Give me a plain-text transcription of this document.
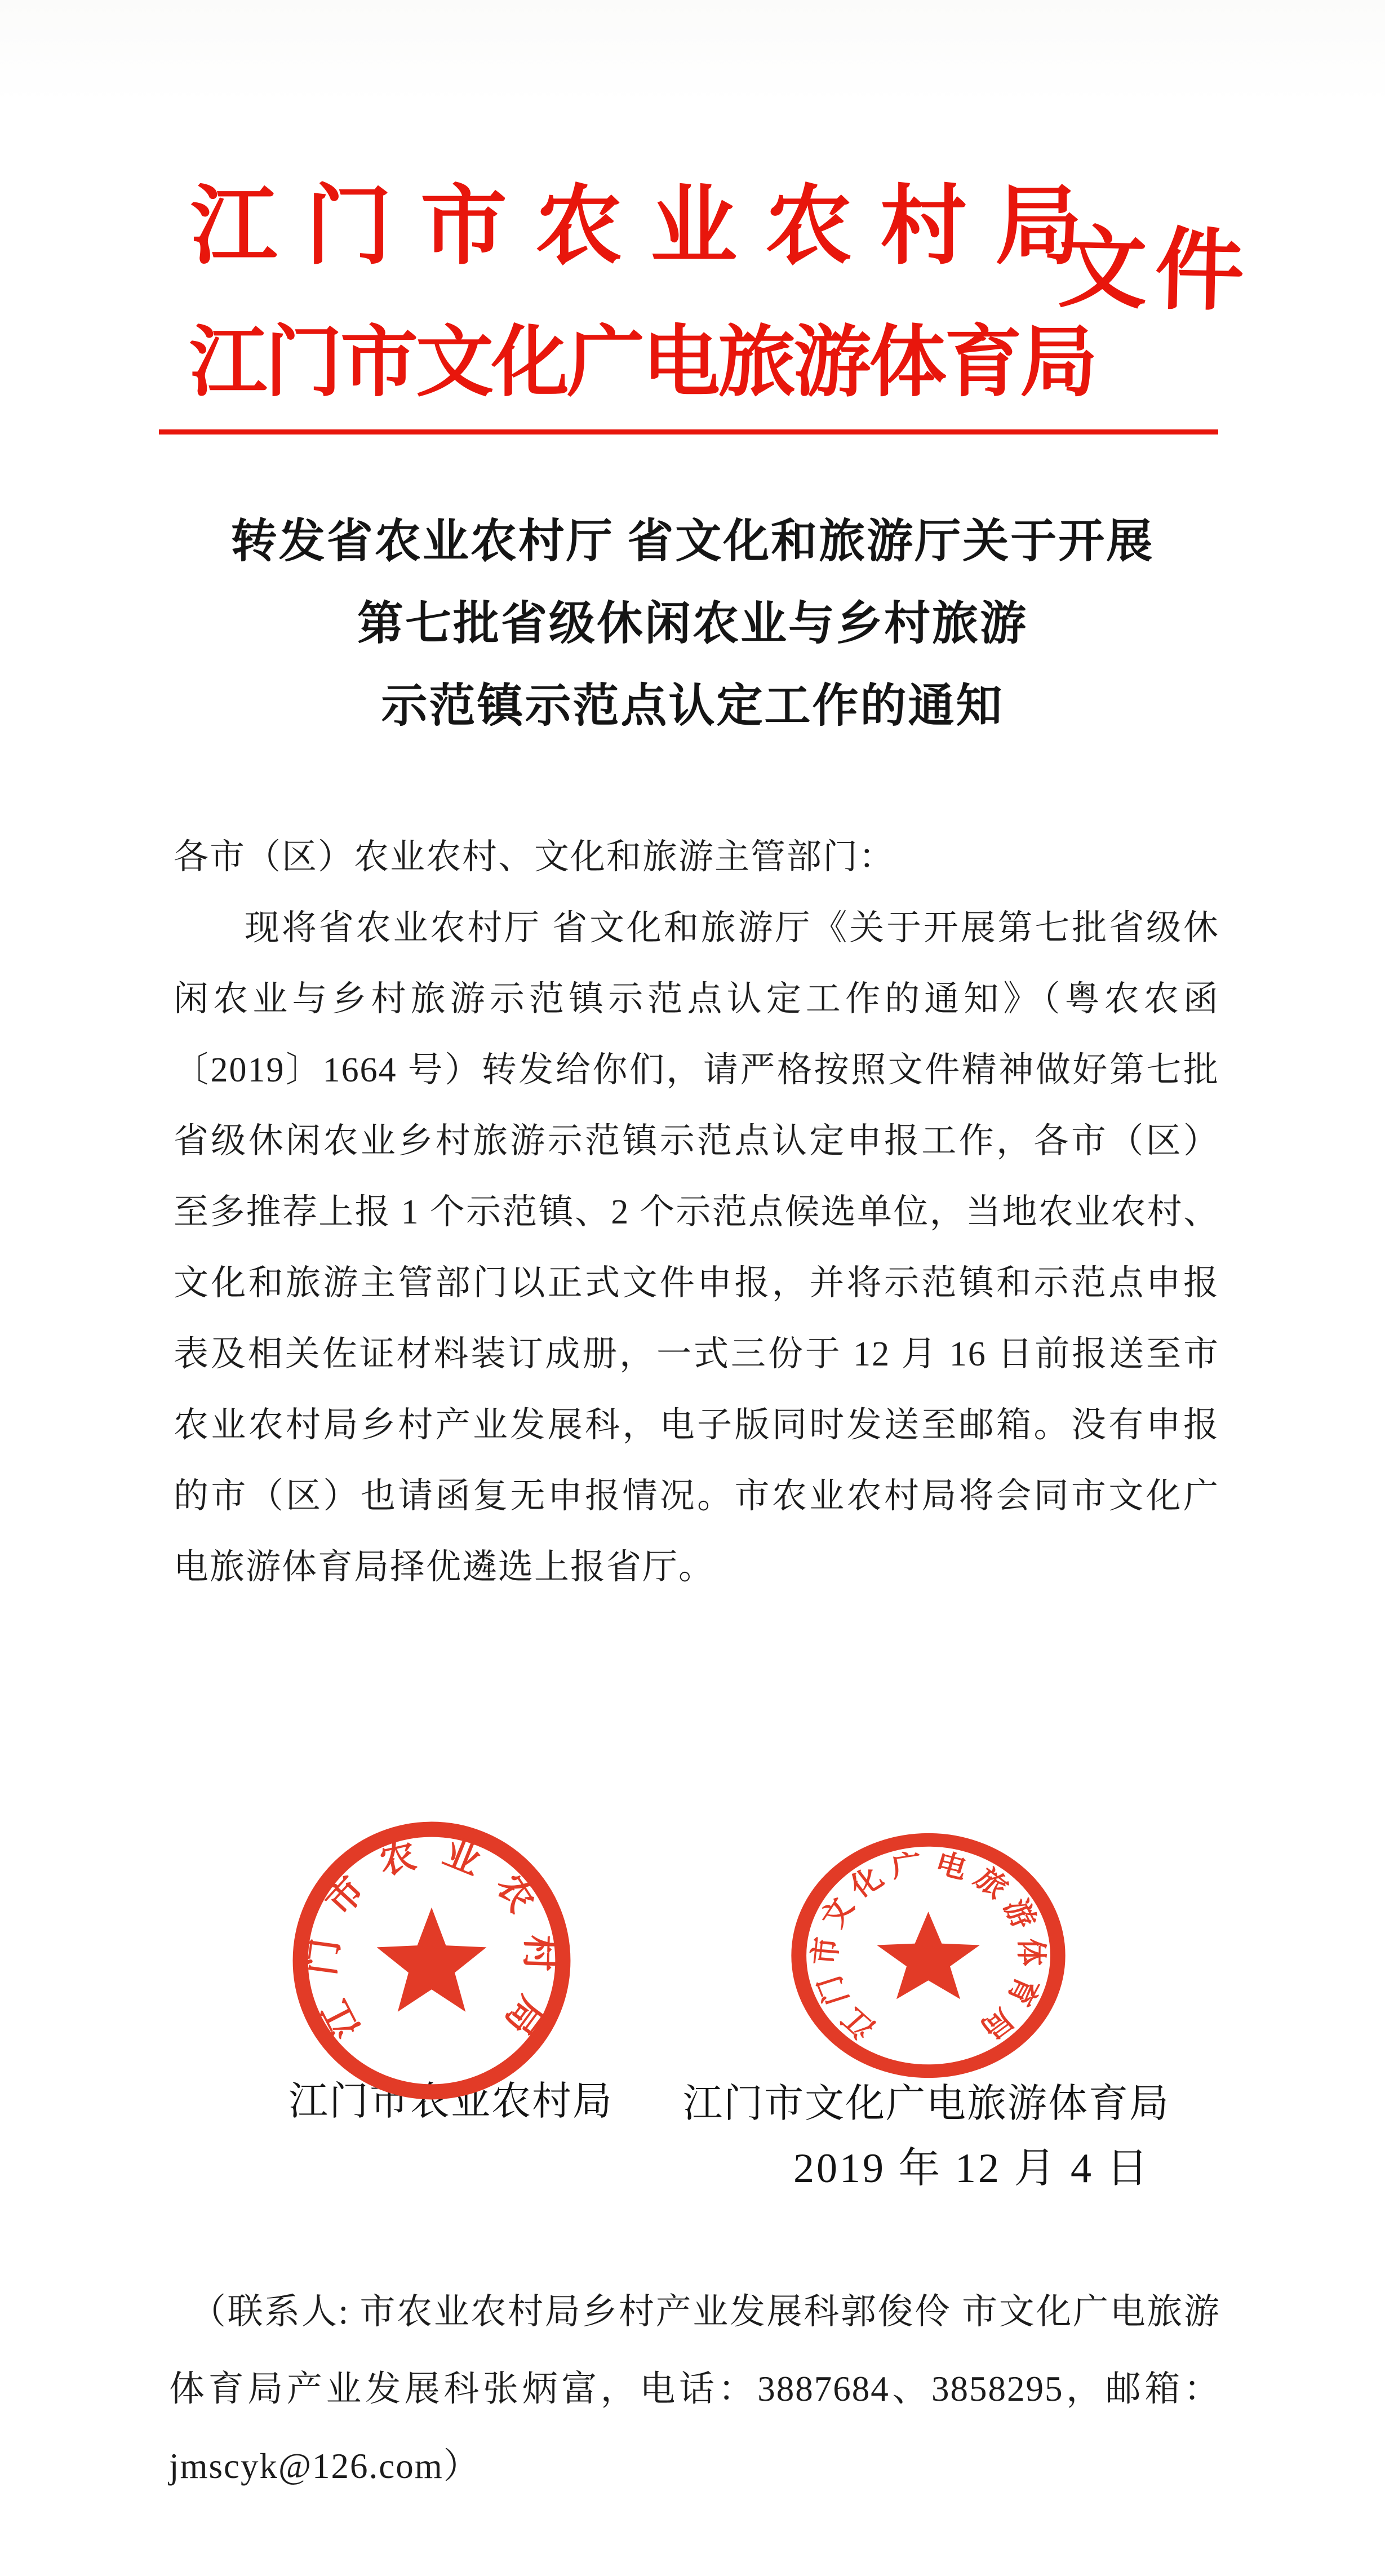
江门市农业农村局
江门市文化广电旅游体育局
文件
转发省农业农村厅 省文化和旅游厅关于开展
第七批省级休闲农业与乡村旅游
示范镇示范点认定工作的通知
各市（区）农业农村、文化和旅游主管部门：
现将省农业农村厅 省文化和旅游厅《关于开展第七批省级休
闲农业与乡村旅游示范镇示范点认定工作的通知》（粤农农函
〔2019〕1664 号）转发给你们，请严格按照文件精神做好第七批
省级休闲农业乡村旅游示范镇示范点认定申报工作，各市（区）
至多推荐上报 1 个示范镇、2 个示范点候选单位，当地农业农村、
文化和旅游主管部门以正式文件申报，并将示范镇和示范点申报
表及相关佐证材料装订成册，一式三份于 12 月 16 日前报送至市
农业农村局乡村产业发展科，电子版同时发送至邮箱。没有申报
的市（区）也请函复无申报情况。市农业农村局将会同市文化广
电旅游体育局择优遴选上报省厅。
江门市农业农村局 江门市文化广电旅游体育局
2019 年 12 月 4 日
江门市农业农村局	江门市文化广电旅游体育局
（联系人: 市农业农村局乡村产业发展科郭俊伶 市文化广电旅游
体育局产业发展科张炳富，电话：3887684、3858295，邮箱：
jmscyk@126.com）
